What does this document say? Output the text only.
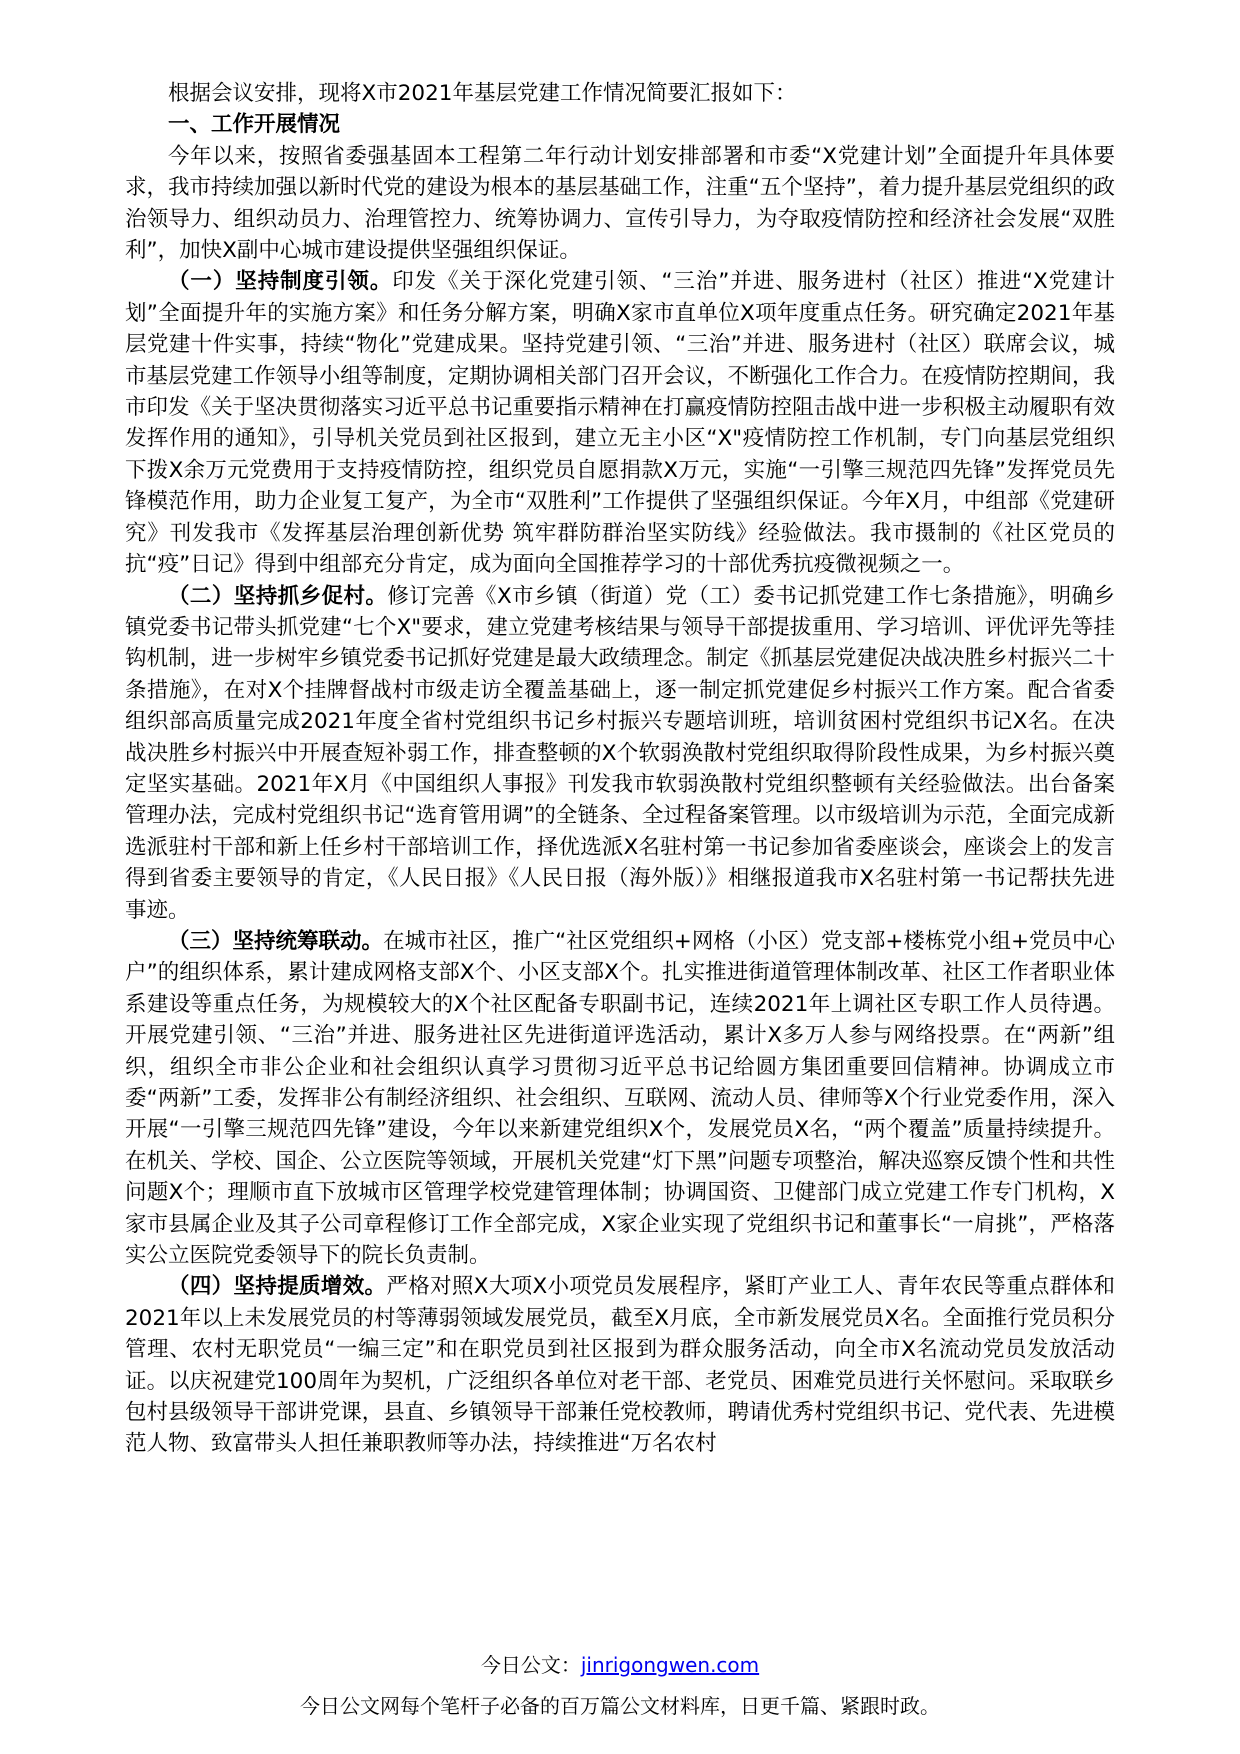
根据会议安排，现将X市2021年基层党建工作情况简要汇报如下：

一、工作开展情况

今年以来，按照省委强基固本工程第二年行动计划安排部署和市委“X党建计划”全面提升年具体要求，我市持续加强以新时代党的建设为根本的基层基础工作，注重“五个坚持”，着力提升基层党组织的政治领导力、组织动员力、治理管控力、统筹协调力、宣传引导力，为夺取疫情防控和经济社会发展“双胜利”，加快X副中心城市建设提供坚强组织保证。

（一）坚持制度引领。印发《关于深化党建引领、“三治”并进、服务进村（社区）推进“X党建计划”全面提升年的实施方案》和任务分解方案，明确X家市直单位X项年度重点任务。研究确定2021年基层党建十件实事，持续“物化”党建成果。坚持党建引领、“三治”并进、服务进村（社区）联席会议，城市基层党建工作领导小组等制度，定期协调相关部门召开会议，不断强化工作合力。在疫情防控期间，我市印发《关于坚决贯彻落实习近平总书记重要指示精神在打赢疫情防控阻击战中进一步积极主动履职有效发挥作用的通知》，引导机关党员到社区报到，建立无主小区“X"疫情防控工作机制，专门向基层党组织下拨X余万元党费用于支持疫情防控，组织党员自愿捐款X万元，实施“一引擎三规范四先锋”发挥党员先锋模范作用，助力企业复工复产，为全市“双胜利”工作提供了坚强组织保证。今年X月，中组部《党建研究》刊发我市《发挥基层治理创新优势 筑牢群防群治坚实防线》经验做法。我市摄制的《社区党员的抗“疫”日记》得到中组部充分肯定，成为面向全国推荐学习的十部优秀抗疫微视频之一。

（二）坚持抓乡促村。修订完善《X市乡镇（街道）党（工）委书记抓党建工作七条措施》，明确乡镇党委书记带头抓党建“七个X"要求，建立党建考核结果与领导干部提拔重用、学习培训、评优评先等挂钩机制，进一步树牢乡镇党委书记抓好党建是最大政绩理念。制定《抓基层党建促决战决胜乡村振兴二十条措施》，在对X个挂牌督战村市级走访全覆盖基础上，逐一制定抓党建促乡村振兴工作方案。配合省委组织部高质量完成2021年度全省村党组织书记乡村振兴专题培训班，培训贫困村党组织书记X名。在决战决胜乡村振兴中开展查短补弱工作，排查整顿的X个软弱涣散村党组织取得阶段性成果，为乡村振兴奠定坚实基础。2021年X月《中国组织人事报》刊发我市软弱涣散村党组织整顿有关经验做法。出台备案管理办法，完成村党组织书记“选育管用调”的全链条、全过程备案管理。以市级培训为示范，全面完成新选派驻村干部和新上任乡村干部培训工作，择优选派X名驻村第一书记参加省委座谈会，座谈会上的发言得到省委主要领导的肯定，《人民日报》《人民日报（海外版）》相继报道我市X名驻村第一书记帮扶先进事迹。

（三）坚持统筹联动。在城市社区，推广“社区党组织+网格（小区）党支部+楼栋党小组+党员中心户”的组织体系，累计建成网格支部X个、小区支部X个。扎实推进街道管理体制改革、社区工作者职业体系建设等重点任务，为规模较大的X个社区配备专职副书记，连续2021年上调社区专职工作人员待遇。开展党建引领、“三治”并进、服务进社区先进街道评选活动，累计X多万人参与网络投票。在“两新”组织，组织全市非公企业和社会组织认真学习贯彻习近平总书记给圆方集团重要回信精神。协调成立市委“两新”工委，发挥非公有制经济组织、社会组织、互联网、流动人员、律师等X个行业党委作用，深入开展“一引擎三规范四先锋”建设，今年以来新建党组织X个，发展党员X名，“两个覆盖”质量持续提升。在机关、学校、国企、公立医院等领域，开展机关党建“灯下黑”问题专项整治，解决巡察反馈个性和共性问题X个；理顺市直下放城市区管理学校党建管理体制；协调国资、卫健部门成立党建工作专门机构，X家市县属企业及其子公司章程修订工作全部完成，X家企业实现了党组织书记和董事长“一肩挑”，严格落实公立医院党委领导下的院长负责制。

（四）坚持提质增效。严格对照X大项X小项党员发展程序，紧盯产业工人、青年农民等重点群体和2021年以上未发展党员的村等薄弱领域发展党员，截至X月底，全市新发展党员X名。全面推行党员积分管理、农村无职党员“一编三定”和在职党员到社区报到为群众服务活动，向全市X名流动党员发放活动证。以庆祝建党100周年为契机，广泛组织各单位对老干部、老党员、困难党员进行关怀慰问。采取联乡包村县级领导干部讲党课，县直、乡镇领导干部兼任党校教师，聘请优秀村党组织书记、党代表、先进模范人物、致富带头人担任兼职教师等办法，持续推进“万名农村

今日公文：jinrigongwen.com
今日公文网每个笔杆子必备的百万篇公文材料库，日更千篇、紧跟时政。
